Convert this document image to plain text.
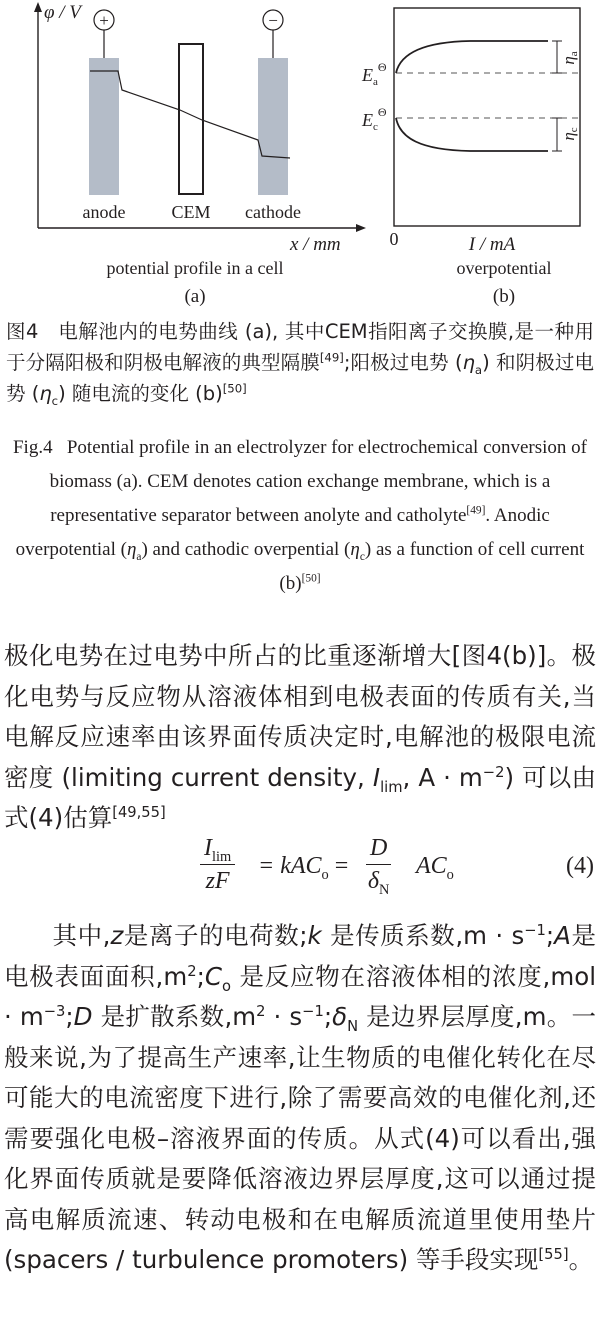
φ / V +	−
anode	CEM cathode
x / mm
potential profile in a cell
(a)
ηa
ηc
$E_a^\Theta$
$E_c^\Theta$
0	I / mA
overpotential
(b)
图4 电解池内的电势曲线 (a), 其中CEM指阳离子交换膜,是一种用于分隔阳极和阴极电解液的典型隔膜[49];阳极过电势 $(\eta_a)$ 和阴极过电势 $(\eta_c)$ 随电流的变化 (b)[50]
Fig.4 Potential profile in an electrolyzer for electrochemical conversion of biomass (a). CEM denotes cation exchange membrane, which is a representative separator between anolyte and catholyte[49]. Anodic overpotential $(\eta_a)$ and cathodic overpential $(\eta_c)$ as a function of cell current (b)[50]
极化电势在过电势中所占的比重逐渐增大[图4(b)]。极化电势与反应物从溶液体相到电极表面的传质有关,当电解反应速率由该界面传质决定时,电解池的极限电流密度 (limiting current density, $I_{lim}$, $A \cdot m^{-2}$) 可以由式(4)估算[49,55]
$\frac{I_{lim}}{zF} = kAC_o = \frac{D}{\delta_N} AC_o$	(4)
其中,z是离子的电荷数;k 是传质系数$,m \cdot s^{-1};A$是电极表面面积$,m^2;C_o$ 是反应物在溶液体相的浓度$,mol \cdot m^{-3};D$ 是扩散系数$,m^2$ · $s^{-1};\delta_N$ 是边界层厚度,m。一般来说,为了提高生产速率,让生物质的电催化转化在尽可能大的电流密度下进行,除了需要高效的电催化剂,还需要强化电极–溶液界面的传质。从式(4)可以看出,强化界面传质就是要降低溶液边界层厚度,这可以通过提高电解质流速、转动电极和在电解质流道里使用垫片 (spacers / turbulence promoters) 等手段实现[55]。
